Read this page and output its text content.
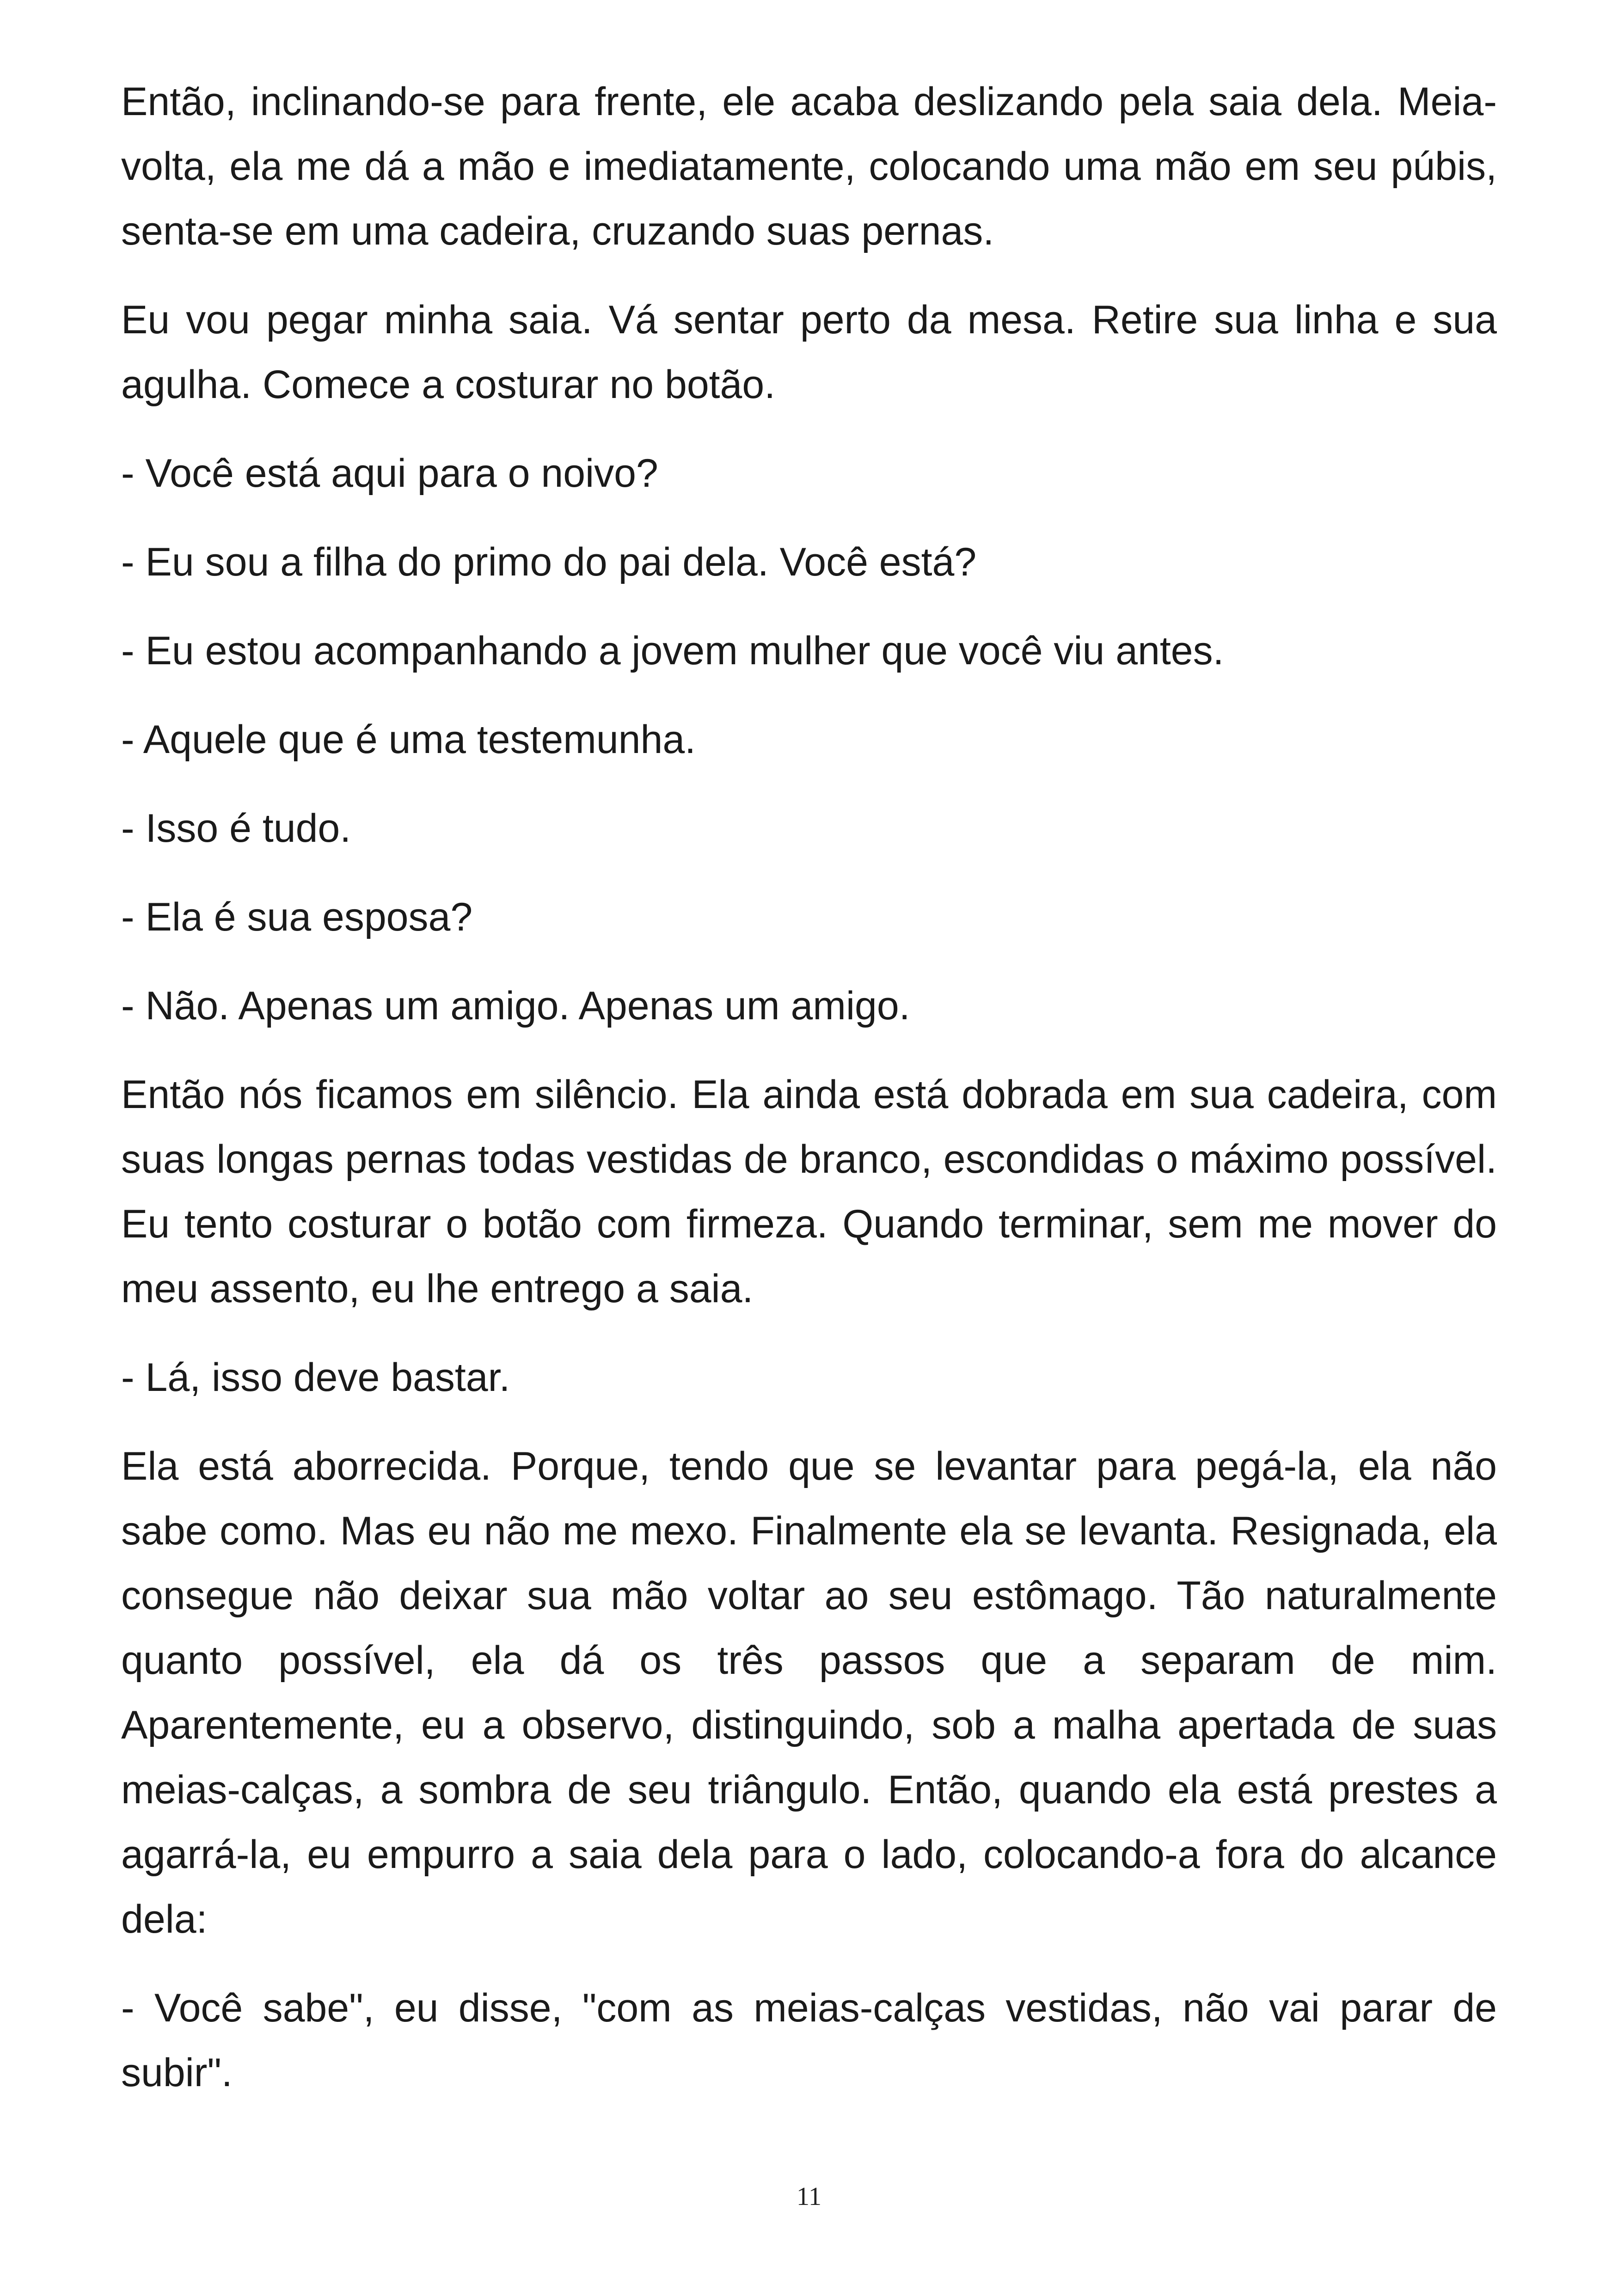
Então, inclinando-se para frente, ele acaba deslizando pela saia dela. Meia-volta, ela me dá a mão e imediatamente, colocando uma mão em seu púbis, senta-se em uma cadeira, cruzando suas pernas.

Eu vou pegar minha saia. Vá sentar perto da mesa. Retire sua linha e sua agulha. Comece a costurar no botão.

- Você está aqui para o noivo?

- Eu sou a filha do primo do pai dela. Você está?

- Eu estou acompanhando a jovem mulher que você viu antes.

- Aquele que é uma testemunha.

- Isso é tudo.

- Ela é sua esposa?

- Não. Apenas um amigo. Apenas um amigo.

Então nós ficamos em silêncio. Ela ainda está dobrada em sua cadeira, com suas longas pernas todas vestidas de branco, escondidas o máximo possível. Eu tento costurar o botão com firmeza. Quando terminar, sem me mover do meu assento, eu lhe entrego a saia.

- Lá, isso deve bastar.

Ela está aborrecida. Porque, tendo que se levantar para pegá-la, ela não sabe como. Mas eu não me mexo. Finalmente ela se levanta. Resignada, ela consegue não deixar sua mão voltar ao seu estômago. Tão naturalmente quanto possível, ela dá os três passos que a separam de mim. Aparentemente, eu a observo, distinguindo, sob a malha apertada de suas meias-calças, a sombra de seu triângulo. Então, quando ela está prestes a agarrá-la, eu empurro a saia dela para o lado, colocando-a fora do alcance dela:

- Você sabe", eu disse, "com as meias-calças vestidas, não vai parar de subir".

11
